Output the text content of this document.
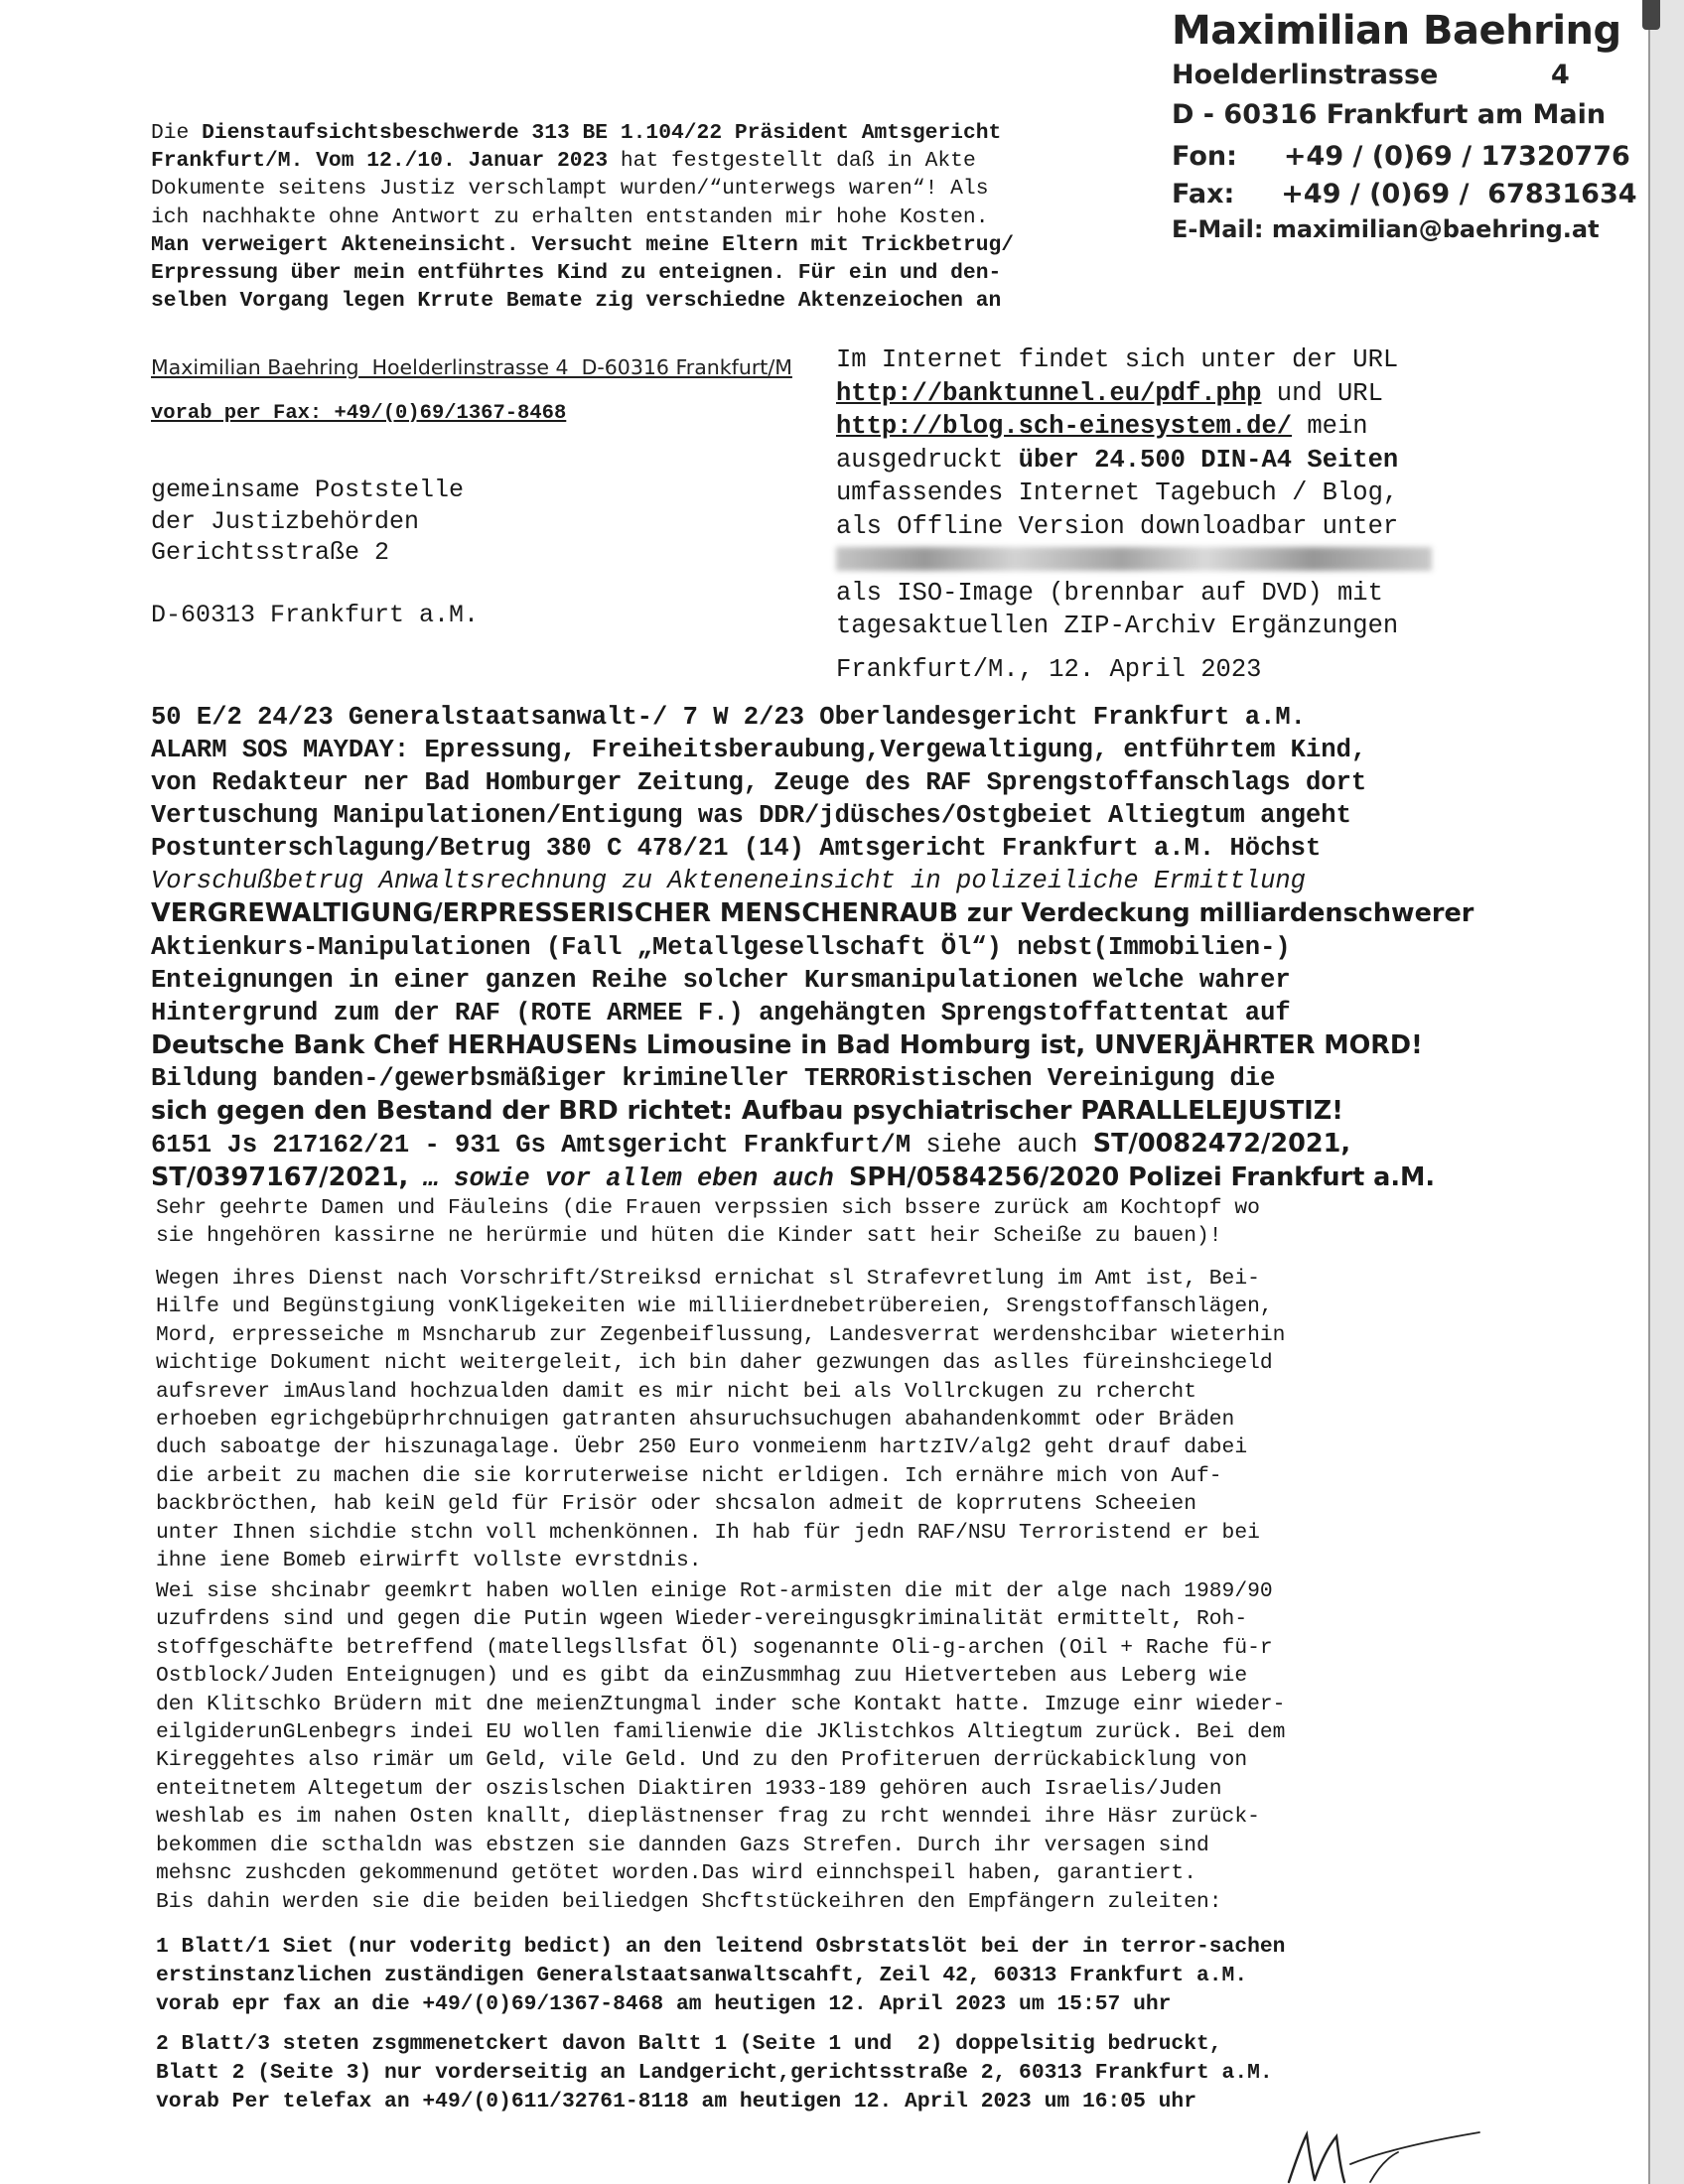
Maximilian Baehring
Hoelderlinstrasse	4
D - 60316 Frankfurt am Main
Fon:     +49 / (0)69 / 17320776
Fax:     +49 / (0)69 /  67831634
E-Mail: maximilian@baehring.at
Die Dienstaufsichtsbeschwerde 313 BE 1.104/22 Präsident Amtsgericht
Frankfurt/M. Vom 12./10. Januar 2023 hat festgestellt daß in Akte
Dokumente seitens Justiz verschlampt wurden/“unterwegs waren“! Als
ich nachhakte ohne Antwort zu erhalten entstanden mir hohe Kosten.
Man verweigert Akteneinsicht. Versucht meine Eltern mit Trickbetrug/
Erpressung über mein entführtes Kind zu enteignen. Für ein und den-
selben Vorgang legen Krrute Bemate zig verschiedne Aktenzeiochen an
Maximilian Baehring  Hoelderlinstrasse 4  D-60316 Frankfurt/M
vorab per Fax: +49/(0)69/1367-8468
gemeinsame Poststelle
der Justizbehörden
Gerichtsstraße 2
D-60313 Frankfurt a.M.
Im Internet findet sich unter der URL
http://banktunnel.eu/pdf.php und URL
http://blog.sch-einesystem.de/ mein
ausgedruckt über 24.500 DIN-A4 Seiten
umfassendes Internet Tagebuch / Blog,
als Offline Version downloadbar unter
als ISO-Image (brennbar auf DVD) mit
tagesaktuellen ZIP-Archiv Ergänzungen
Frankfurt/M., 12. April 2023
50 E/2 24/23 Generalstaatsanwalt-/ 7 W 2/23 Oberlandesgericht Frankfurt a.M.
ALARM SOS MAYDAY: Epressung, Freiheitsberaubung,Vergewaltigung, entführtem Kind,
von Redakteur ner Bad Homburger Zeitung, Zeuge des RAF Sprengstoffanschlags dort
Vertuschung Manipulationen/Entigung was DDR/jdüsches/Ostgbeiet Altiegtum angeht
Postunterschlagung/Betrug 380 C 478/21 (14) Amtsgericht Frankfurt a.M. Höchst
Vorschußbetrug Anwaltsrechnung zu Akteneneinsicht in polizeiliche Ermittlung
VERGREWALTIGUNG/ERPRESSERISCHER MENSCHENRAUB zur Verdeckung milliardenschwerer
Aktienkurs-Manipulationen (Fall „Metallgesellschaft Öl“) nebst(Immobilien-)
Enteignungen in einer ganzen Reihe solcher Kursmanipulationen welche wahrer
Hintergrund zum der RAF (ROTE ARMEE F.) angehängten Sprengstoffattentat auf
Deutsche Bank Chef HERHAUSENs Limousine in Bad Homburg ist, UNVERJÄHRTER MORD!
Bildung banden-/gewerbsmäßiger krimineller TERRORistischen Vereinigung die
sich gegen den Bestand der BRD richtet: Aufbau psychiatrischer PARALLELEJUSTIZ!
6151 Js 217162/21 - 931 Gs Amtsgericht Frankfurt/M siehe auch ST/0082472/2021,
ST/0397167/2021, … sowie vor allem eben auch SPH/0584256/2020 Polizei Frankfurt a.M.
Sehr geehrte Damen und Fäuleins (die Frauen verpssien sich bssere zurück am Kochtopf wo
sie hngehören kassirne ne herürmie und hüten die Kinder satt heir Scheiße zu bauen)!
Wegen ihres Dienst nach Vorschrift/Streiksd ernichat sl Strafevretlung im Amt ist, Bei-
Hilfe und Begünstgiung vonKligekeiten wie milliierdnebetrübereien, Srengstoffanschlägen,
Mord, erpresseiche m Msncharub zur Zegenbeiflussung, Landesverrat werdenshcibar wieterhin
wichtige Dokument nicht weitergeleit, ich bin daher gezwungen das aslles füreinshciegeld
aufsrever imAusland hochzualden damit es mir nicht bei als Vollrckugen zu rchercht
erhoeben egrichgebüprhrchnuigen gatranten ahsuruchsuchugen abahandenkommt oder Bräden
duch saboatge der hiszunagalage. Üebr 250 Euro vonmeienm hartzIV/alg2 geht drauf dabei
die arbeit zu machen die sie korruterweise nicht erldigen. Ich ernähre mich von Auf-
backbröcthen, hab keiN geld für Frisör oder shcsalon admeit de koprrutens Scheeien
unter Ihnen sichdie stchn voll mchenkönnen. Ih hab für jedn RAF/NSU Terroristend er bei
ihne iene Bomeb eirwirft vollste evrstdnis.
Wei sise shcinabr geemkrt haben wollen einige Rot-armisten die mit der alge nach 1989/90
uzufrdens sind und gegen die Putin wgeen Wieder-vereingusgkriminalität ermittelt, Roh-
stoffgeschäfte betreffend (matellegsllsfat Öl) sogenannte Oli-g-archen (Oil + Rache fü-r
Ostblock/Juden Enteignugen) und es gibt da einZusmmhag zuu Hietverteben aus Leberg wie
den Klitschko Brüdern mit dne meienZtungmal inder sche Kontakt hatte. Imzuge einr wieder-
eilgiderunGLenbegrs indei EU wollen familienwie die JKlistchkos Altiegtum zurück. Bei dem
Kireggehtes also rimär um Geld, vile Geld. Und zu den Profiteruen derrückabicklung von
enteitnetem Altegetum der oszislschen Diaktiren 1933-189 gehören auch Israelis/Juden
weshlab es im nahen Osten knallt, dieplästnenser frag zu rcht wenndei ihre Häsr zurück-
bekommen die scthaldn was ebstzen sie dannden Gazs Strefen. Durch ihr versagen sind
mehsnc zushcden gekommenund getötet worden.Das wird einnchspeil haben, garantiert.
Bis dahin werden sie die beiden beiliedgen Shcftstückeihren den Empfängern zuleiten:
1 Blatt/1 Siet (nur voderitg bedict) an den leitend Osbrstatslöt bei der in terror-sachen
erstinstanzlichen zuständigen Generalstaatsanwaltscahft, Zeil 42, 60313 Frankfurt a.M.
vorab epr fax an die +49/(0)69/1367-8468 am heutigen 12. April 2023 um 15:57 uhr
2 Blatt/3 steten zsgmmenetckert davon Baltt 1 (Seite 1 und  2) doppelsitig bedruckt,
Blatt 2 (Seite 3) nur vorderseitig an Landgericht,gerichtsstraße 2, 60313 Frankfurt a.M.
vorab Per telefax an +49/(0)611/32761-8118 am heutigen 12. April 2023 um 16:05 uhr
